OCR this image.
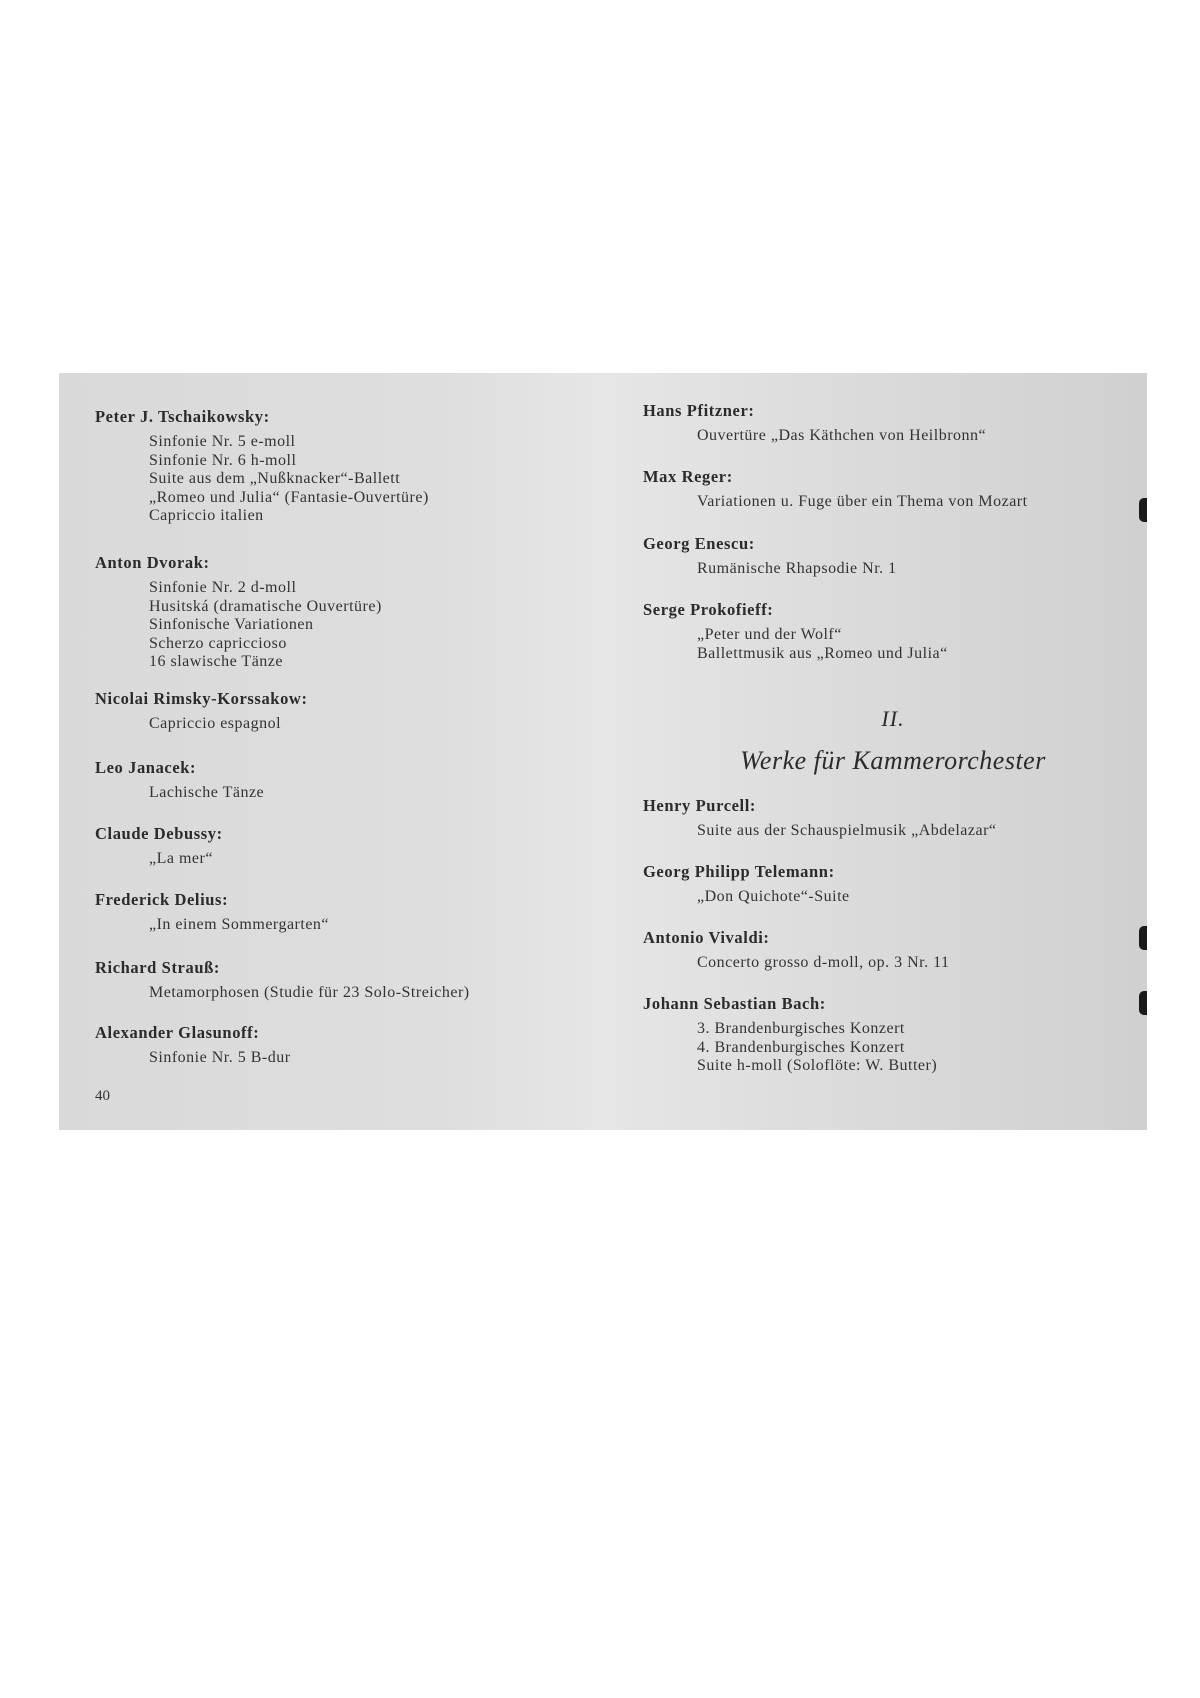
Peter J. Tschaikowsky:
Sinfonie Nr. 5 e-moll
Sinfonie Nr. 6 h-moll
Suite aus dem „Nußknacker“-Ballett
„Romeo und Julia“ (Fantasie-Ouvertüre)
Capriccio italien
Anton Dvorak:
Sinfonie Nr. 2 d-moll
Husitská (dramatische Ouvertüre)
Sinfonische Variationen
Scherzo capriccioso
16 slawische Tänze
Nicolai Rimsky-Korssakow:
Capriccio espagnol
Leo Janacek:
Lachische Tänze
Claude Debussy:
„La mer“
Frederick Delius:
„In einem Sommergarten“
Richard Strauß:
Metamorphosen (Studie für 23 Solo-Streicher)
Alexander Glasunoff:
Sinfonie Nr. 5 B-dur
Hans Pfitzner:
Ouvertüre „Das Käthchen von Heilbronn“
Max Reger:
Variationen u. Fuge über ein Thema von Mozart
Georg Enescu:
Rumänische Rhapsodie Nr. 1
Serge Prokofieff:
„Peter und der Wolf“
Ballettmusik aus „Romeo und Julia“
II.
Werke für Kammerorchester
Henry Purcell:
Suite aus der Schauspielmusik „Abdelazar“
Georg Philipp Telemann:
„Don Quichote“-Suite
Antonio Vivaldi:
Concerto grosso d-moll, op. 3 Nr. 11
Johann Sebastian Bach:
3. Brandenburgisches Konzert
4. Brandenburgisches Konzert
Suite h-moll (Soloflöte: W. Butter)
40
